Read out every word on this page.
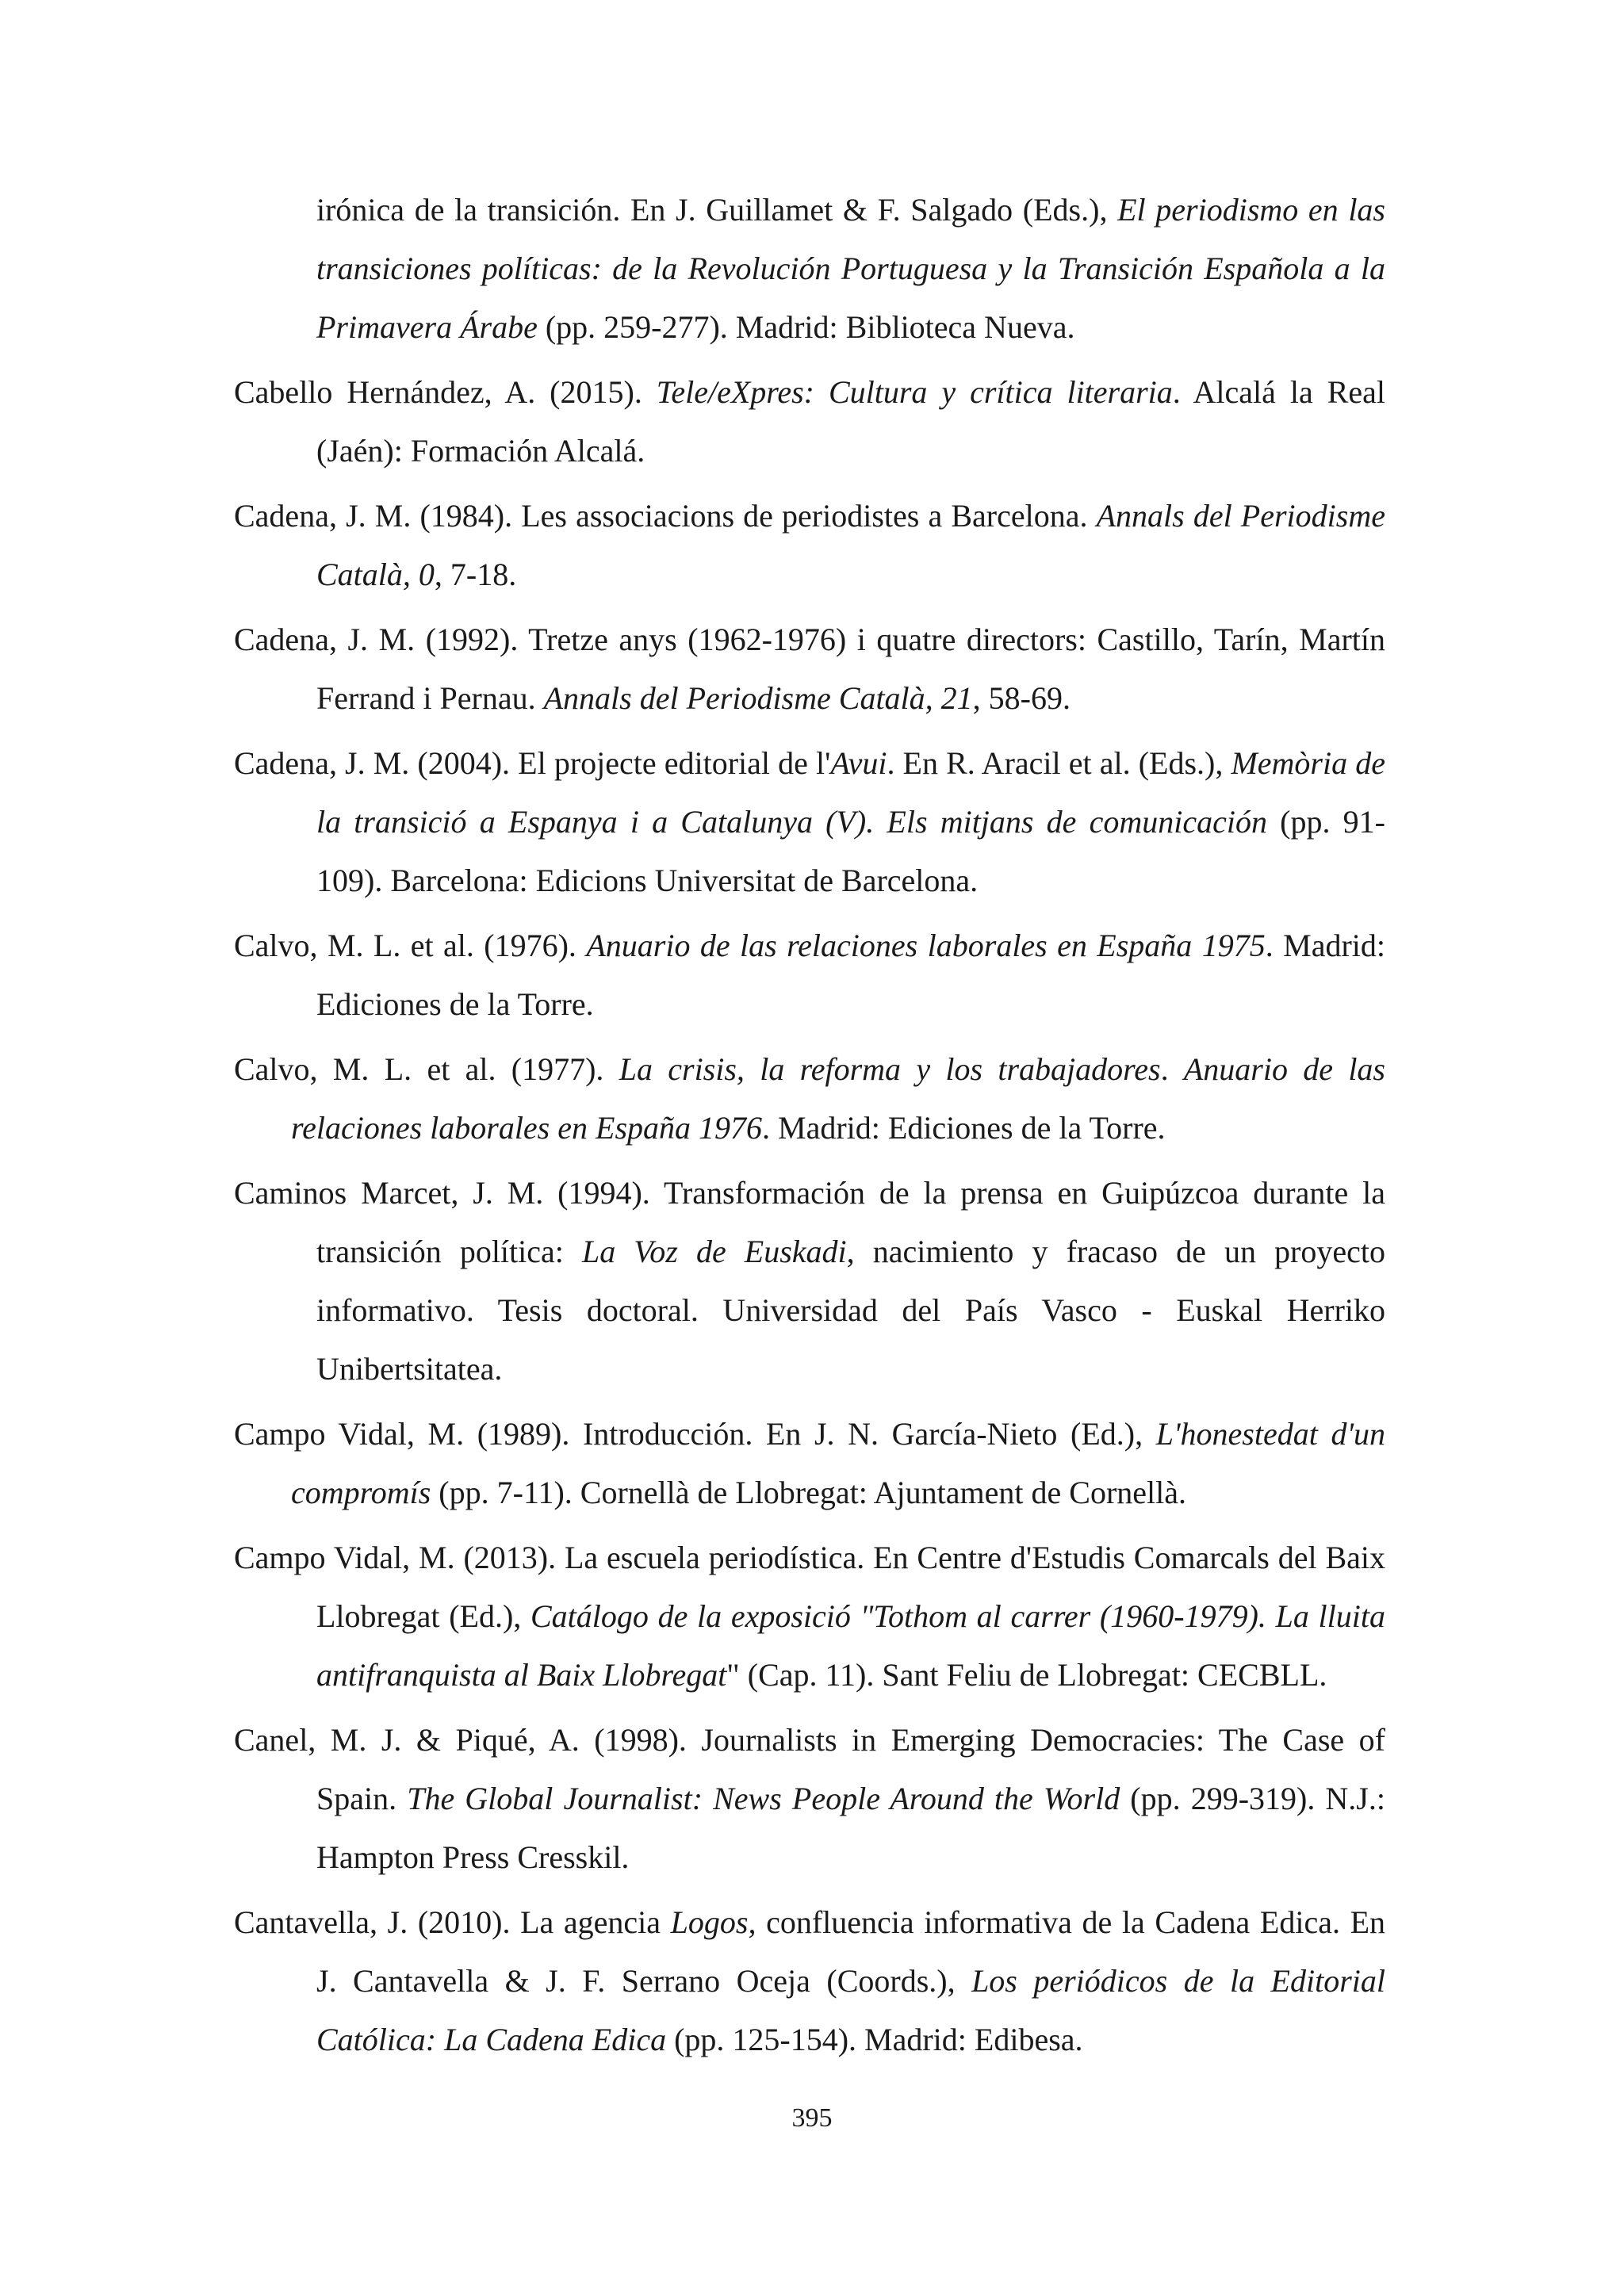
irónica de la transición. En J. Guillamet & F. Salgado (Eds.), El periodismo en las transiciones políticas: de la Revolución Portuguesa y la Transición Española a la Primavera Árabe (pp. 259-277). Madrid: Biblioteca Nueva.

Cabello Hernández, A. (2015). Tele/eXpres: Cultura y crítica literaria. Alcalá la Real (Jaén): Formación Alcalá.

Cadena, J. M. (1984). Les associacions de periodistes a Barcelona. Annals del Periodisme Català, 0, 7-18.

Cadena, J. M. (1992). Tretze anys (1962-1976) i quatre directors: Castillo, Tarín, Martín Ferrand i Pernau. Annals del Periodisme Català, 21, 58-69.

Cadena, J. M. (2004). El projecte editorial de l'Avui. En R. Aracil et al. (Eds.), Memòria de la transició a Espanya i a Catalunya (V). Els mitjans de comunicación (pp. 91-109). Barcelona: Edicions Universitat de Barcelona.

Calvo, M. L. et al. (1976). Anuario de las relaciones laborales en España 1975. Madrid: Ediciones de la Torre.

Calvo, M. L. et al. (1977). La crisis, la reforma y los trabajadores. Anuario de las relaciones laborales en España 1976. Madrid: Ediciones de la Torre.

Caminos Marcet, J. M. (1994). Transformación de la prensa en Guipúzcoa durante la transición política: La Voz de Euskadi, nacimiento y fracaso de un proyecto informativo. Tesis doctoral. Universidad del País Vasco - Euskal Herriko Unibertsitatea.

Campo Vidal, M. (1989). Introducción. En J. N. García-Nieto (Ed.), L'honestedat d'un compromís (pp. 7-11). Cornellà de Llobregat: Ajuntament de Cornellà.

Campo Vidal, M. (2013). La escuela periodística. En Centre d'Estudis Comarcals del Baix Llobregat (Ed.), Catálogo de la exposició "Tothom al carrer (1960-1979). La lluita antifranquista al Baix Llobregat" (Cap. 11). Sant Feliu de Llobregat: CECBLL.

Canel, M. J. & Piqué, A. (1998). Journalists in Emerging Democracies: The Case of Spain. The Global Journalist: News People Around the World (pp. 299-319). N.J.: Hampton Press Cresskil.

Cantavella, J. (2010). La agencia Logos, confluencia informativa de la Cadena Edica. En J. Cantavella & J. F. Serrano Oceja (Coords.), Los periódicos de la Editorial Católica: La Cadena Edica (pp. 125-154). Madrid: Edibesa.

395
